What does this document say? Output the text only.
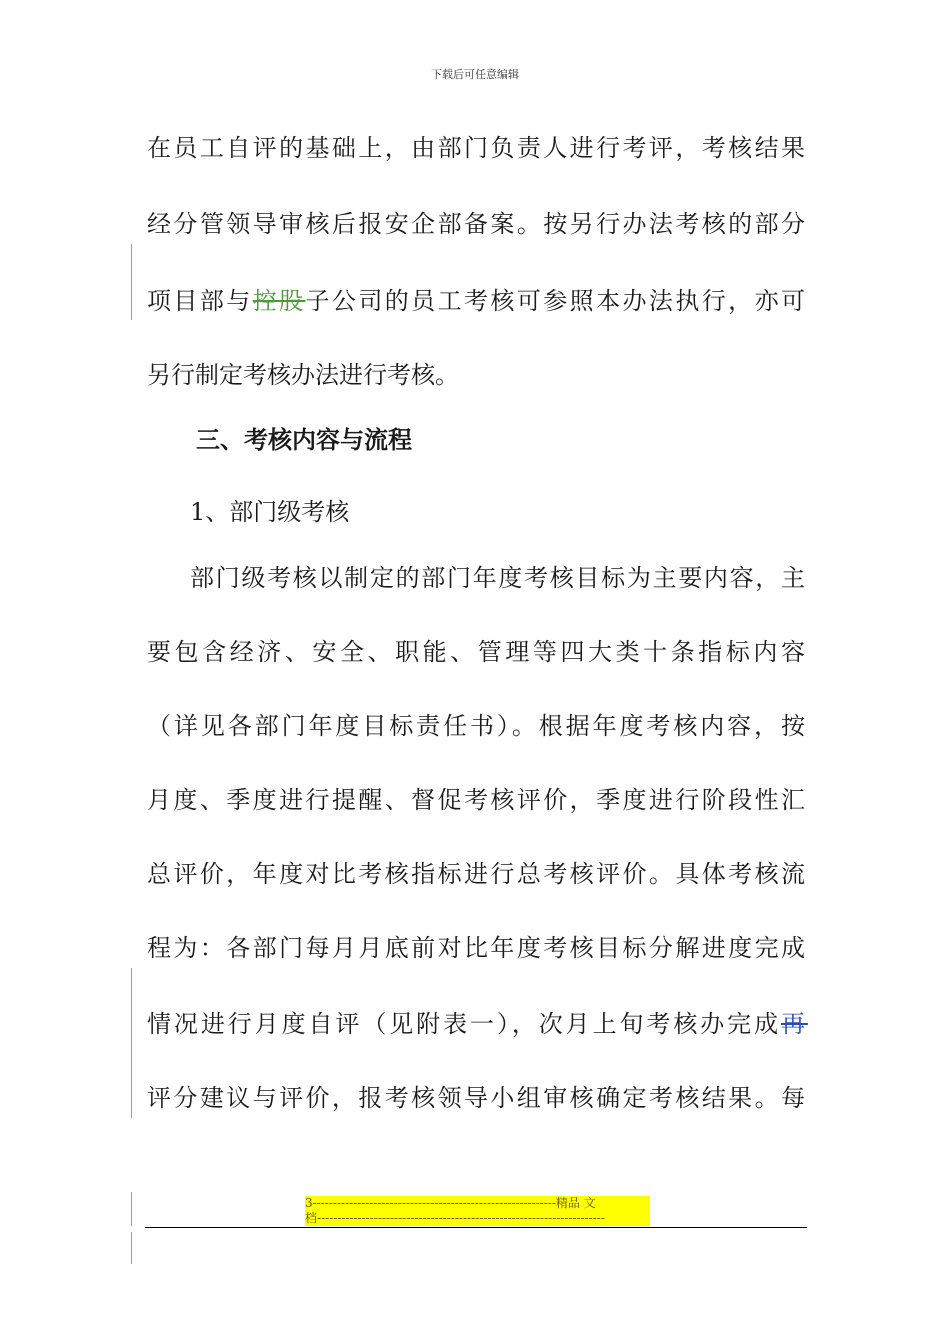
下载后可任意编辑
在员工自评的基础上，由部门负责人进行考评，考核结果
经分管领导审核后报安企部备案。按另行办法考核的部分
项目部与控股子公司的员工考核可参照本办法执行，亦可
另行制定考核办法进行考核。
三、考核内容与流程
1、部门级考核
部门级考核以制定的部门年度考核目标为主要内容，主
要包含经济、安全、职能、管理等四大类十条指标内容
（详见各部门年度目标责任书）。根据年度考核内容，按
月度、季度进行提醒、督促考核评价，季度进行阶段性汇
总评价，年度对比考核指标进行总考核评价。具体考核流
程为：各部门每月月底前对比年度考核目标分解进度完成
情况进行月度自评（见附表一），次月上旬考核办完成再
评分建议与评价，报考核领导小组审核确定考核结果。每
3------------------------------------------------------------精品 文
档-----------------------------------------------------------------------
